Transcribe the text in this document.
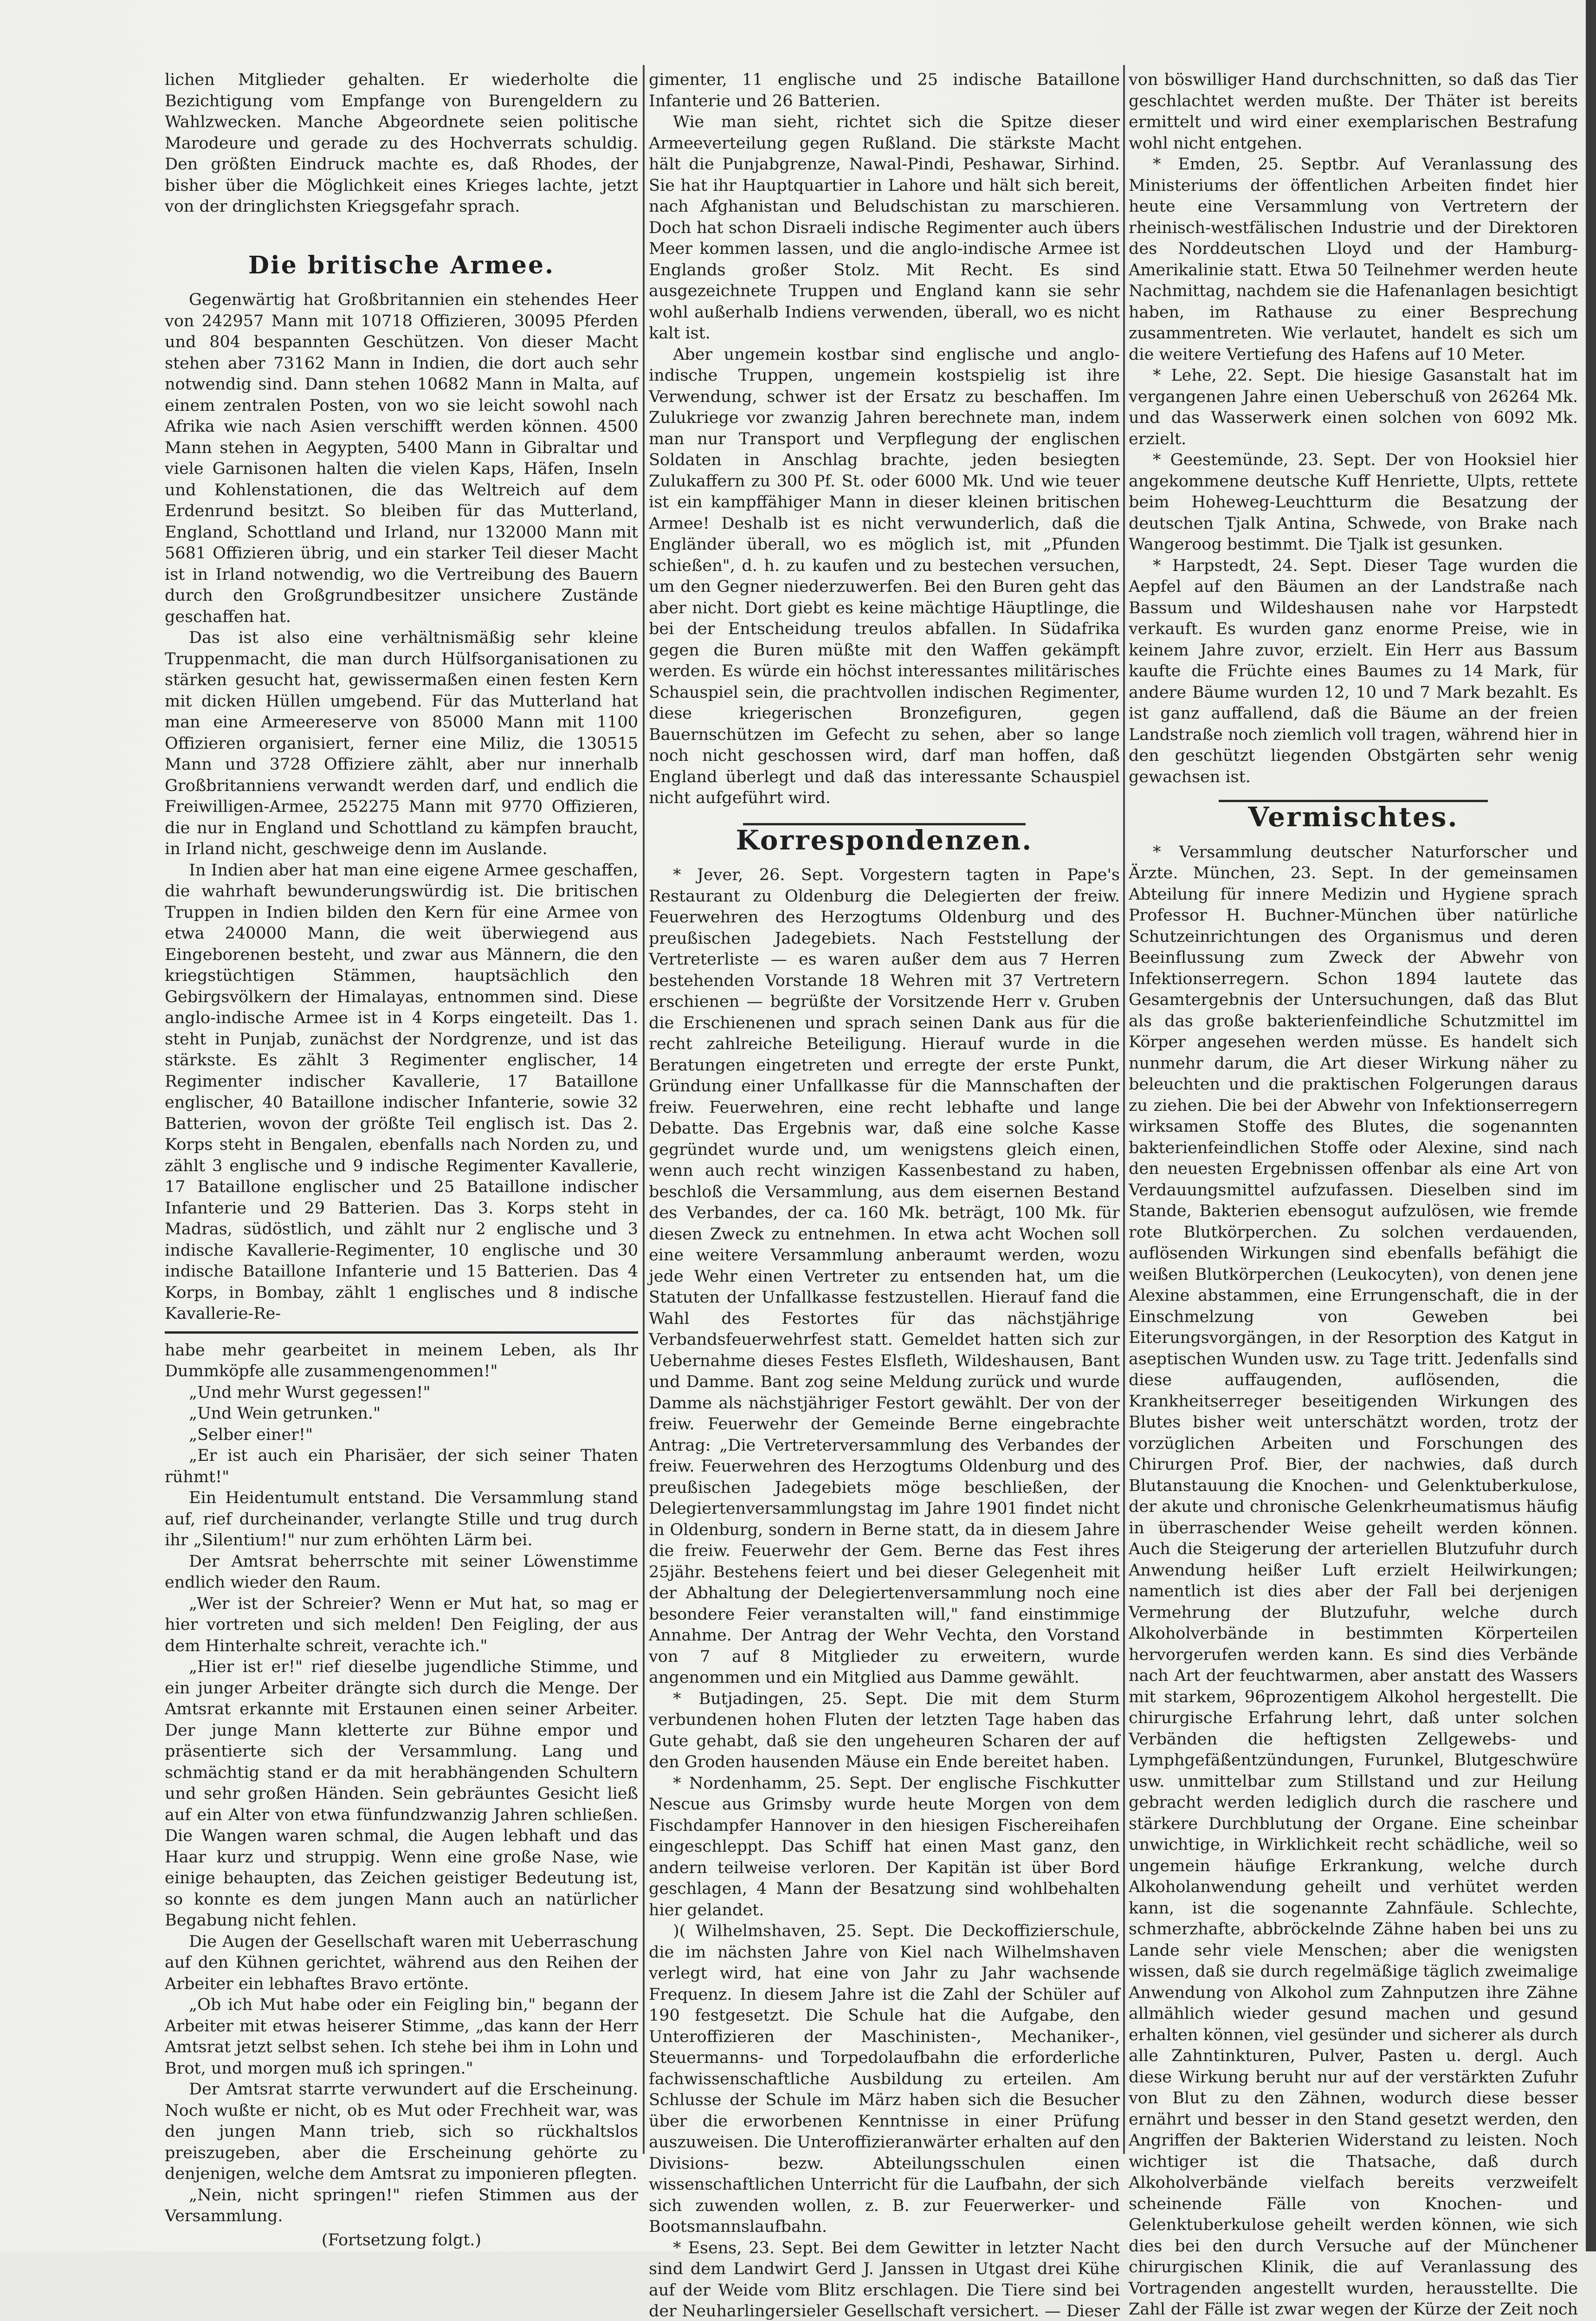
lichen Mitglieder gehalten. Er wiederholte die Bezichtigung vom Empfange von Burengeldern zu Wahlzwecken. Manche Abgeordnete seien politische Marodeure und gerade zu des Hochverrats schuldig. Den größten Eindruck machte es, daß Rhodes, der bisher über die Möglichkeit eines Krieges lachte, jetzt von der dringlichsten Kriegsgefahr sprach.

Die britische Armee.

Gegenwärtig hat Großbritannien ein stehendes Heer von 242957 Mann mit 10718 Offizieren, 30095 Pferden und 804 bespannten Geschützen. Von dieser Macht stehen aber 73162 Mann in Indien, die dort auch sehr notwendig sind. Dann stehen 10682 Mann in Malta, auf einem zentralen Posten, von wo sie leicht sowohl nach Afrika wie nach Asien verschifft werden können. 4500 Mann stehen in Aegypten, 5400 Mann in Gibraltar und viele Garnisonen halten die vielen Kaps, Häfen, Inseln und Kohlenstationen, die das Weltreich auf dem Erdenrund besitzt. So bleiben für das Mutterland, England, Schottland und Irland, nur 132000 Mann mit 5681 Offizieren übrig, und ein starker Teil dieser Macht ist in Irland notwendig, wo die Vertreibung des Bauern durch den Großgrundbesitzer unsichere Zustände geschaffen hat.

Das ist also eine verhältnismäßig sehr kleine Truppenmacht, die man durch Hülfsorganisationen zu stärken gesucht hat, gewissermaßen einen festen Kern mit dicken Hüllen umgebend. Für das Mutterland hat man eine Armeereserve von 85000 Mann mit 1100 Offizieren organisiert, ferner eine Miliz, die 130515 Mann und 3728 Offiziere zählt, aber nur innerhalb Großbritanniens verwandt werden darf, und endlich die Freiwilligen-Armee, 252275 Mann mit 9770 Offizieren, die nur in England und Schottland zu kämpfen braucht, in Irland nicht, geschweige denn im Auslande.

In Indien aber hat man eine eigene Armee geschaffen, die wahrhaft bewunderungswürdig ist. Die britischen Truppen in Indien bilden den Kern für eine Armee von etwa 240000 Mann, die weit überwiegend aus Eingeborenen besteht, und zwar aus Männern, die den kriegstüchtigen Stämmen, hauptsächlich den Gebirgsvölkern der Himalayas, entnommen sind. Diese anglo-indische Armee ist in 4 Korps eingeteilt. Das 1. steht in Punjab, zunächst der Nordgrenze, und ist das stärkste. Es zählt 3 Regimenter englischer, 14 Regimenter indischer Kavallerie, 17 Bataillone englischer, 40 Bataillone indischer Infanterie, sowie 32 Batterien, wovon der größte Teil englisch ist. Das 2. Korps steht in Bengalen, ebenfalls nach Norden zu, und zählt 3 englische und 9 indische Regimenter Kavallerie, 17 Bataillone englischer und 25 Bataillone indischer Infanterie und 29 Batterien. Das 3. Korps steht in Madras, südöstlich, und zählt nur 2 englische und 3 indische Kavallerie-Regimenter, 10 englische und 30 indische Bataillone Infanterie und 15 Batterien. Das 4 Korps, in Bombay, zählt 1 englisches und 8 indische Kavallerie-Re-

habe mehr gearbeitet in meinem Leben, als Ihr Dummköpfe alle zusammengenommen!"

„Und mehr Wurst gegessen!"

„Und Wein getrunken."

„Selber einer!"

„Er ist auch ein Pharisäer, der sich seiner Thaten rühmt!"

Ein Heidentumult entstand. Die Versammlung stand auf, rief durcheinander, verlangte Stille und trug durch ihr „Silentium!" nur zum erhöhten Lärm bei.

Der Amtsrat beherrschte mit seiner Löwenstimme endlich wieder den Raum.

„Wer ist der Schreier? Wenn er Mut hat, so mag er hier vortreten und sich melden! Den Feigling, der aus dem Hinterhalte schreit, verachte ich."

„Hier ist er!" rief dieselbe jugendliche Stimme, und ein junger Arbeiter drängte sich durch die Menge. Der Amtsrat erkannte mit Erstaunen einen seiner Arbeiter. Der junge Mann kletterte zur Bühne empor und präsentierte sich der Versammlung. Lang und schmächtig stand er da mit herabhängenden Schultern und sehr großen Händen. Sein gebräuntes Gesicht ließ auf ein Alter von etwa fünfundzwanzig Jahren schließen. Die Wangen waren schmal, die Augen lebhaft und das Haar kurz und struppig. Wenn eine große Nase, wie einige behaupten, das Zeichen geistiger Bedeutung ist, so konnte es dem jungen Mann auch an natürlicher Begabung nicht fehlen.

Die Augen der Gesellschaft waren mit Ueberraschung auf den Kühnen gerichtet, während aus den Reihen der Arbeiter ein lebhaftes Bravo ertönte.

„Ob ich Mut habe oder ein Feigling bin," begann der Arbeiter mit etwas heiserer Stimme, „das kann der Herr Amtsrat jetzt selbst sehen. Ich stehe bei ihm in Lohn und Brot, und morgen muß ich springen."

Der Amtsrat starrte verwundert auf die Erscheinung. Noch wußte er nicht, ob es Mut oder Frechheit war, was den jungen Mann trieb, sich so rückhaltslos preiszugeben, aber die Erscheinung gehörte zu denjenigen, welche dem Amtsrat zu imponieren pflegten.

„Nein, nicht springen!" riefen Stimmen aus der Versammlung.

(Fortsetzung folgt.)

gimenter, 11 englische und 25 indische Bataillone Infanterie und 26 Batterien.

Wie man sieht, richtet sich die Spitze dieser Armeeverteilung gegen Rußland. Die stärkste Macht hält die Punjabgrenze, Nawal-Pindi, Peshawar, Sirhind. Sie hat ihr Hauptquartier in Lahore und hält sich bereit, nach Afghanistan und Beludschistan zu marschieren. Doch hat schon Disraeli indische Regimenter auch übers Meer kommen lassen, und die anglo-indische Armee ist Englands großer Stolz. Mit Recht. Es sind ausgezeichnete Truppen und England kann sie sehr wohl außerhalb Indiens verwenden, überall, wo es nicht kalt ist.

Aber ungemein kostbar sind englische und anglo-indische Truppen, ungemein kostspielig ist ihre Verwendung, schwer ist der Ersatz zu beschaffen. Im Zulukriege vor zwanzig Jahren berechnete man, indem man nur Transport und Verpflegung der englischen Soldaten in Anschlag brachte, jeden besiegten Zulukaffern zu 300 Pf. St. oder 6000 Mk. Und wie teuer ist ein kampffähiger Mann in dieser kleinen britischen Armee! Deshalb ist es nicht verwunderlich, daß die Engländer überall, wo es möglich ist, mit „Pfunden schießen", d. h. zu kaufen und zu bestechen versuchen, um den Gegner niederzuwerfen. Bei den Buren geht das aber nicht. Dort giebt es keine mächtige Häuptlinge, die bei der Entscheidung treulos abfallen. In Südafrika gegen die Buren müßte mit den Waffen gekämpft werden. Es würde ein höchst interessantes militärisches Schauspiel sein, die prachtvollen indischen Regimenter, diese kriegerischen Bronzefiguren, gegen Bauernschützen im Gefecht zu sehen, aber so lange noch nicht geschossen wird, darf man hoffen, daß England überlegt und daß das interessante Schauspiel nicht aufgeführt wird.

Korrespondenzen.

* Jever, 26. Sept. Vorgestern tagten in Pape's Restaurant zu Oldenburg die Delegierten der freiw. Feuerwehren des Herzogtums Oldenburg und des preußischen Jadegebiets. Nach Feststellung der Vertreterliste — es waren außer dem aus 7 Herren bestehenden Vorstande 18 Wehren mit 37 Vertretern erschienen — begrüßte der Vorsitzende Herr v. Gruben die Erschienenen und sprach seinen Dank aus für die recht zahlreiche Beteiligung. Hierauf wurde in die Beratungen eingetreten und erregte der erste Punkt, Gründung einer Unfallkasse für die Mannschaften der freiw. Feuerwehren, eine recht lebhafte und lange Debatte. Das Ergebnis war, daß eine solche Kasse gegründet wurde und, um wenigstens gleich einen, wenn auch recht winzigen Kassenbestand zu haben, beschloß die Versammlung, aus dem eisernen Bestand des Verbandes, der ca. 160 Mk. beträgt, 100 Mk. für diesen Zweck zu entnehmen. In etwa acht Wochen soll eine weitere Versammlung anberaumt werden, wozu jede Wehr einen Vertreter zu entsenden hat, um die Statuten der Unfallkasse festzustellen. Hierauf fand die Wahl des Festortes für das nächstjährige Verbandsfeuerwehrfest statt. Gemeldet hatten sich zur Uebernahme dieses Festes Elsfleth, Wildeshausen, Bant und Damme. Bant zog seine Meldung zurück und wurde Damme als nächstjähriger Festort gewählt. Der von der freiw. Feuerwehr der Gemeinde Berne eingebrachte Antrag: „Die Vertreterversammlung des Verbandes der freiw. Feuerwehren des Herzogtums Oldenburg und des preußischen Jadegebiets möge beschließen, der Delegiertenversammlungstag im Jahre 1901 findet nicht in Oldenburg, sondern in Berne statt, da in diesem Jahre die freiw. Feuerwehr der Gem. Berne das Fest ihres 25jähr. Bestehens feiert und bei dieser Gelegenheit mit der Abhaltung der Delegiertenversammlung noch eine besondere Feier veranstalten will," fand einstimmige Annahme. Der Antrag der Wehr Vechta, den Vorstand von 7 auf 8 Mitglieder zu erweitern, wurde angenommen und ein Mitglied aus Damme gewählt.

* Butjadingen, 25. Sept. Die mit dem Sturm verbundenen hohen Fluten der letzten Tage haben das Gute gehabt, daß sie den ungeheuren Scharen der auf den Groden hausenden Mäuse ein Ende bereitet haben.

* Nordenhamm, 25. Sept. Der englische Fischkutter Nescue aus Grimsby wurde heute Morgen von dem Fischdampfer Hannover in den hiesigen Fischereihafen eingeschleppt. Das Schiff hat einen Mast ganz, den andern teilweise verloren. Der Kapitän ist über Bord geschlagen, 4 Mann der Besatzung sind wohlbehalten hier gelandet.

)( Wilhelmshaven, 25. Sept. Die Deckoffizierschule, die im nächsten Jahre von Kiel nach Wilhelmshaven verlegt wird, hat eine von Jahr zu Jahr wachsende Frequenz. In diesem Jahre ist die Zahl der Schüler auf 190 festgesetzt. Die Schule hat die Aufgabe, den Unteroffizieren der Maschinisten-, Mechaniker-, Steuermanns- und Torpedolaufbahn die erforderliche fachwissenschaftliche Ausbildung zu erteilen. Am Schlusse der Schule im März haben sich die Besucher über die erworbenen Kenntnisse in einer Prüfung auszuweisen. Die Unteroffizieranwärter erhalten auf den Divisions- bezw. Abteilungsschulen einen wissenschaftlichen Unterricht für die Laufbahn, der sich sich zuwenden wollen, z. B. zur Feuerwerker- und Bootsmannslaufbahn.

* Esens, 23. Sept. Bei dem Gewitter in letzter Nacht sind dem Landwirt Gerd J. Janssen in Utgast drei Kühe auf der Weide vom Blitz erschlagen. Die Tiere sind bei der Neuharlingersieler Gesellschaft versichert. — Dieser

von böswilliger Hand durchschnitten, so daß das Tier geschlachtet werden mußte. Der Thäter ist bereits ermittelt und wird einer exemplarischen Bestrafung wohl nicht entgehen.

* Emden, 25. Septbr. Auf Veranlassung des Ministeriums der öffentlichen Arbeiten findet hier heute eine Versammlung von Vertretern der rheinisch-westfälischen Industrie und der Direktoren des Norddeutschen Lloyd und der Hamburg-Amerikalinie statt. Etwa 50 Teilnehmer werden heute Nachmittag, nachdem sie die Hafenanlagen besichtigt haben, im Rathause zu einer Besprechung zusammentreten. Wie verlautet, handelt es sich um die weitere Vertiefung des Hafens auf 10 Meter.

* Lehe, 22. Sept. Die hiesige Gasanstalt hat im vergangenen Jahre einen Ueberschuß von 26264 Mk. und das Wasserwerk einen solchen von 6092 Mk. erzielt.

* Geestemünde, 23. Sept. Der von Hooksiel hier angekommene deutsche Kuff Henriette, Ulpts, rettete beim Hoheweg-Leuchtturm die Besatzung der deutschen Tjalk Antina, Schwede, von Brake nach Wangeroog bestimmt. Die Tjalk ist gesunken.

* Harpstedt, 24. Sept. Dieser Tage wurden die Aepfel auf den Bäumen an der Landstraße nach Bassum und Wildeshausen nahe vor Harpstedt verkauft. Es wurden ganz enorme Preise, wie in keinem Jahre zuvor, erzielt. Ein Herr aus Bassum kaufte die Früchte eines Baumes zu 14 Mark, für andere Bäume wurden 12, 10 und 7 Mark bezahlt. Es ist ganz auffallend, daß die Bäume an der freien Landstraße noch ziemlich voll tragen, während hier in den geschützt liegenden Obstgärten sehr wenig gewachsen ist.

Vermischtes.

* Versammlung deutscher Naturforscher und Ärzte. München, 23. Sept. In der gemeinsamen Abteilung für innere Medizin und Hygiene sprach Professor H. Buchner-München über natürliche Schutzeinrichtungen des Organismus und deren Beeinflussung zum Zweck der Abwehr von Infektionserregern. Schon 1894 lautete das Gesamtergebnis der Untersuchungen, daß das Blut als das große bakterienfeindliche Schutzmittel im Körper angesehen werden müsse. Es handelt sich nunmehr darum, die Art dieser Wirkung näher zu beleuchten und die praktischen Folgerungen daraus zu ziehen. Die bei der Abwehr von Infektionserregern wirksamen Stoffe des Blutes, die sogenannten bakterienfeindlichen Stoffe oder Alexine, sind nach den neuesten Ergebnissen offenbar als eine Art von Verdauungsmittel aufzufassen. Dieselben sind im Stande, Bakterien ebensogut aufzulösen, wie fremde rote Blutkörperchen. Zu solchen verdauenden, auflösenden Wirkungen sind ebenfalls befähigt die weißen Blutkörperchen (Leukocyten), von denen jene Alexine abstammen, eine Errungenschaft, die in der Einschmelzung von Geweben bei Eiterungsvorgängen, in der Resorption des Katgut in aseptischen Wunden usw. zu Tage tritt. Jedenfalls sind diese auffaugenden, auflösenden, die Krankheitserreger beseitigenden Wirkungen des Blutes bisher weit unterschätzt worden, trotz der vorzüglichen Arbeiten und Forschungen des Chirurgen Prof. Bier, der nachwies, daß durch Blutanstauung die Knochen- und Gelenktuberkulose, der akute und chronische Gelenkrheumatismus häufig in überraschender Weise geheilt werden können. Auch die Steigerung der arteriellen Blutzufuhr durch Anwendung heißer Luft erzielt Heilwirkungen; namentlich ist dies aber der Fall bei derjenigen Vermehrung der Blutzufuhr, welche durch Alkoholverbände in bestimmten Körperteilen hervorgerufen werden kann. Es sind dies Verbände nach Art der feuchtwarmen, aber anstatt des Wassers mit starkem, 96prozentigem Alkohol hergestellt. Die chirurgische Erfahrung lehrt, daß unter solchen Verbänden die heftigsten Zellgewebs- und Lymphgefäßentzündungen, Furunkel, Blutgeschwüre usw. unmittelbar zum Stillstand und zur Heilung gebracht werden lediglich durch die raschere und stärkere Durchblutung der Organe. Eine scheinbar unwichtige, in Wirklichkeit recht schädliche, weil so ungemein häufige Erkrankung, welche durch Alkoholanwendung geheilt und verhütet werden kann, ist die sogenannte Zahnfäule. Schlechte, schmerzhafte, abbröckelnde Zähne haben bei uns zu Lande sehr viele Menschen; aber die wenigsten wissen, daß sie durch regelmäßige täglich zweimalige Anwendung von Alkohol zum Zahnputzen ihre Zähne allmählich wieder gesund machen und gesund erhalten können, viel gesünder und sicherer als durch alle Zahntinkturen, Pulver, Pasten u. dergl. Auch diese Wirkung beruht nur auf der verstärkten Zufuhr von Blut zu den Zähnen, wodurch diese besser ernährt und besser in den Stand gesetzt werden, den Angriffen der Bakterien Widerstand zu leisten. Noch wichtiger ist die Thatsache, daß durch Alkoholverbände vielfach bereits verzweifelt scheinende Fälle von Knochen- und Gelenktuberkulose geheilt werden können, wie sich dies bei den durch Versuche auf der Münchener chirurgischen Klinik, die auf Veranlassung des Vortragenden angestellt wurden, herausstellte. Die Zahl der Fälle ist zwar wegen der Kürze der Zeit noch
